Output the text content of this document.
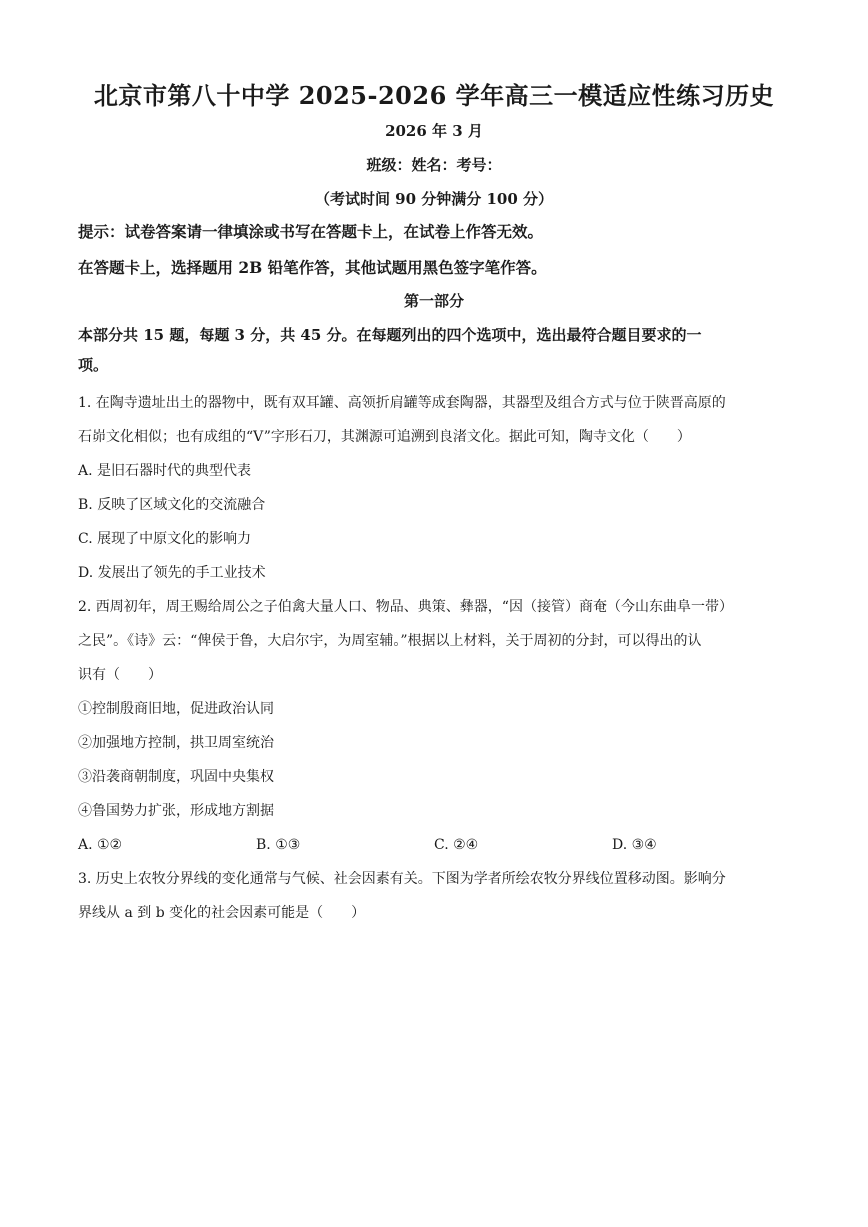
北京市第八十中学 2025-2026 学年高三一模适应性练习历史
2026 年 3 月
班级：姓名：考号：
（考试时间 90 分钟满分 100 分）
提示：试卷答案请一律填涂或书写在答题卡上，在试卷上作答无效。
在答题卡上，选择题用 2B 铅笔作答，其他试题用黑色签字笔作答。
第一部分
本部分共 15 题，每题 3 分，共 45 分。在每题列出的四个选项中，选出最符合题目要求的一
项。
1. 在陶寺遗址出土的器物中，既有双耳罐、高领折肩罐等成套陶器，其器型及组合方式与位于陕晋高原的
石峁文化相似；也有成组的“V”字形石刀，其渊源可追溯到良渚文化。据此可知，陶寺文化（　　）
A. 是旧石器时代的典型代表
B. 反映了区域文化的交流融合
C. 展现了中原文化的影响力
D. 发展出了领先的手工业技术
2. 西周初年，周王赐给周公之子伯禽大量人口、物品、典策、彝器，“因（接管）商奄（今山东曲阜一带）
之民”。《诗》云：“俾侯于鲁，大启尔宇，为周室辅。”根据以上材料，关于周初的分封，可以得出的认
识有（　　）
①控制殷商旧地，促进政治认同
②加强地方控制，拱卫周室统治
③沿袭商朝制度，巩固中央集权
④鲁国势力扩张，形成地方割据
A. ①②	B. ①③	C. ②④	D. ③④
3. 历史上农牧分界线的变化通常与气候、社会因素有关。下图为学者所绘农牧分界线位置移动图。影响分
界线从 a 到 b 变化的社会因素可能是（　　）
